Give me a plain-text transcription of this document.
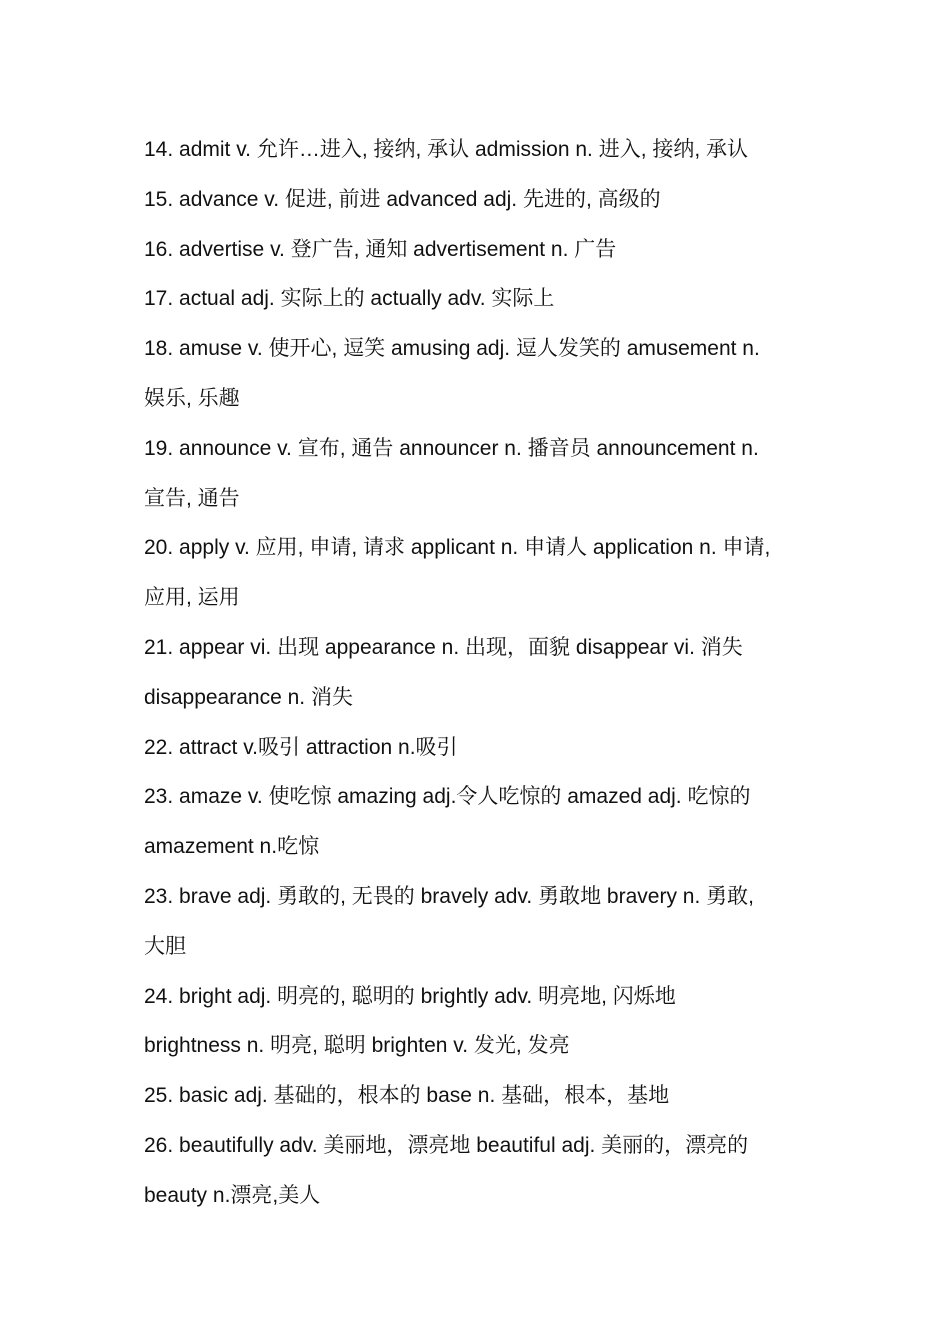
14. admit v. 允许…进入, 接纳, 承认 admission n. 进入, 接纳, 承认
15. advance v. 促进, 前进 advanced adj. 先进的, 高级的
16. advertise v. 登广告, 通知 advertisement n. 广告
17. actual adj. 实际上的 actually adv. 实际上
18. amuse v. 使开心, 逗笑 amusing adj. 逗人发笑的 amusement n.
娱乐, 乐趣
19. announce v. 宣布, 通告 announcer n. 播音员 announcement n.
宣告, 通告
20. apply v. 应用, 申请, 请求 applicant n. 申请人 application n. 申请,
应用, 运用
21. appear vi. 出现 appearance n. 出现，面貌 disappear vi. 消失
disappearance n. 消失
22. attract v.吸引 attraction n.吸引
23. amaze v. 使吃惊 amazing adj.令人吃惊的 amazed adj. 吃惊的
amazement n.吃惊
23. brave adj. 勇敢的, 无畏的 bravely adv. 勇敢地 bravery n. 勇敢,
大胆
24. bright adj. 明亮的, 聪明的 brightly adv. 明亮地, 闪烁地
brightness n. 明亮, 聪明 brighten v. 发光, 发亮
25. basic adj. 基础的，根本的 base n. 基础，根本，基地
26. beautifully adv. 美丽地，漂亮地 beautiful adj. 美丽的，漂亮的
beauty n.漂亮,美人
